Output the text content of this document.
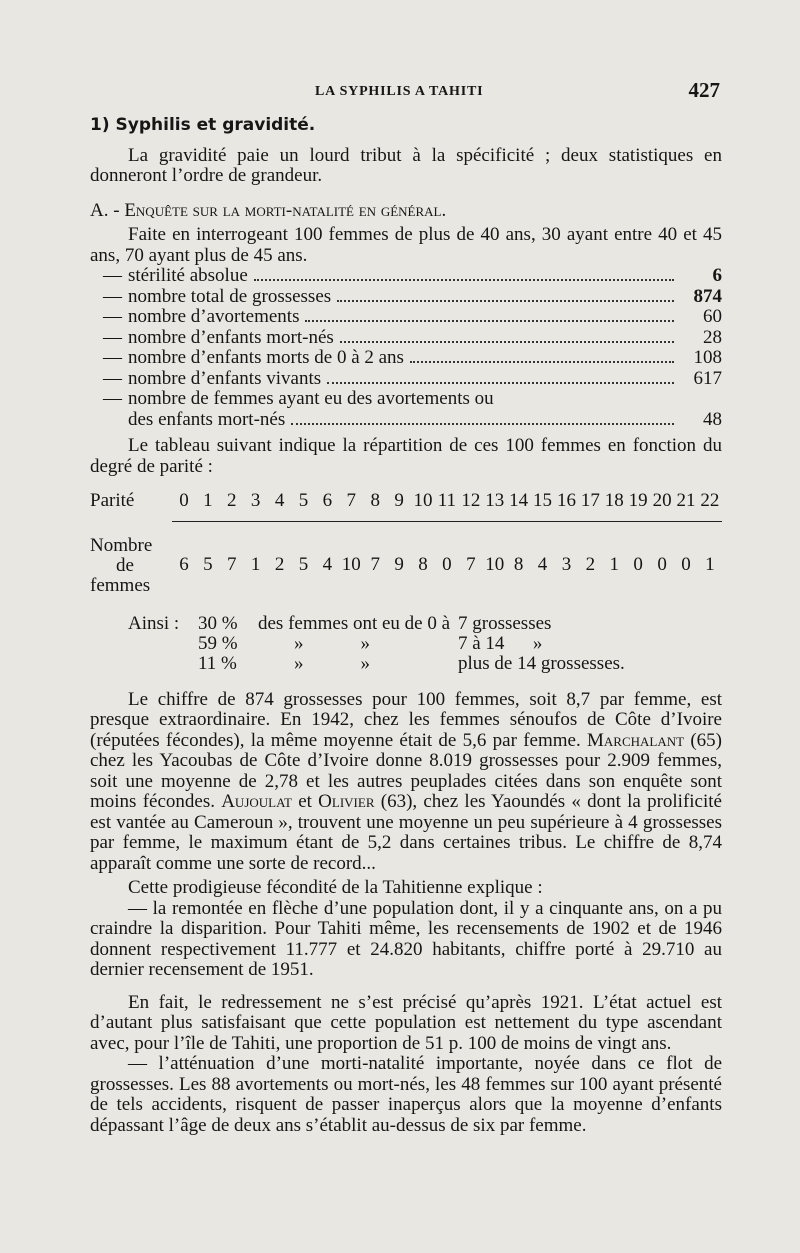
LA SYPHILIS A TAHITI	427
1) Syphilis et gravidité.

La gravidité paie un lourd tribut à la spécificité ; deux statistiques en donneront l’ordre de grandeur.

A. - Enquête sur la morti-natalité en général.

Faite en interrogeant 100 femmes de plus de 40 ans, 30 ayant entre 40 et 45 ans, 70 ayant plus de 45 ans.

— stérilité absolue	6
— nombre total de grossesses	874
— nombre d’avortements	60
— nombre d’enfants mort-nés	28
— nombre d’enfants morts de 0 à 2 ans	108
— nombre d’enfants vivants	617
— nombre de femmes ayant eu des avortements ou
des enfants mort-nés	48

Le tableau suivant indique la répartition de ces 100 femmes en fonction du degré de parité :

Parité	0 1 2 3 4 5 6 7 8 9 10 11 12 13 14 15 16 17 18 19 20 21 22
Nombre
de
femmes
6 5 7 1 2 5 4 10 7 9 8 0 7 10 8 4 3 2 1 0 0 0 1
Ainsi : 30 %	des femmes ont eu de 0 à 7 grossesses
59 %	»            »	7 à 14      »
11 %	»            »	plus de 14 grossesses.

Le chiffre de 874 grossesses pour 100 femmes, soit 8,7 par femme, est presque extraordinaire. En 1942, chez les femmes sénoufos de Côte d’Ivoire (réputées fécondes), la même moyenne était de 5,6 par femme. Marchalant (65) chez les Yacoubas de Côte d’Ivoire donne 8.019 grossesses pour 2.909 femmes, soit une moyenne de 2,78 et les autres peuplades citées dans son enquête sont moins fécondes. Aujoulat et Olivier (63), chez les Yaoundés « dont la prolificité est vantée au Cameroun », trouvent une moyenne un peu supérieure à 4 grossesses par femme, le maximum étant de 5,2 dans certaines tribus. Le chiffre de 8,74 apparaît comme une sorte de record...

Cette prodigieuse fécondité de la Tahitienne explique :

— la remontée en flèche d’une population dont, il y a cinquante ans, on a pu craindre la disparition. Pour Tahiti même, les recensements de 1902 et de 1946 donnent respectivement 11.777 et 24.820 habitants, chiffre porté à 29.710 au dernier recensement de 1951.

En fait, le redressement ne s’est précisé qu’après 1921. L’état actuel est d’autant plus satisfaisant que cette population est nettement du type ascendant avec, pour l’île de Tahiti, une proportion de 51 p. 100 de moins de vingt ans.

— l’atténuation d’une morti-natalité importante, noyée dans ce flot de grossesses. Les 88 avortements ou mort-nés, les 48 femmes sur 100 ayant présenté de tels accidents, risquent de passer inaperçus alors que la moyenne d’enfants dépassant l’âge de deux ans s’établit au-dessus de six par femme.
